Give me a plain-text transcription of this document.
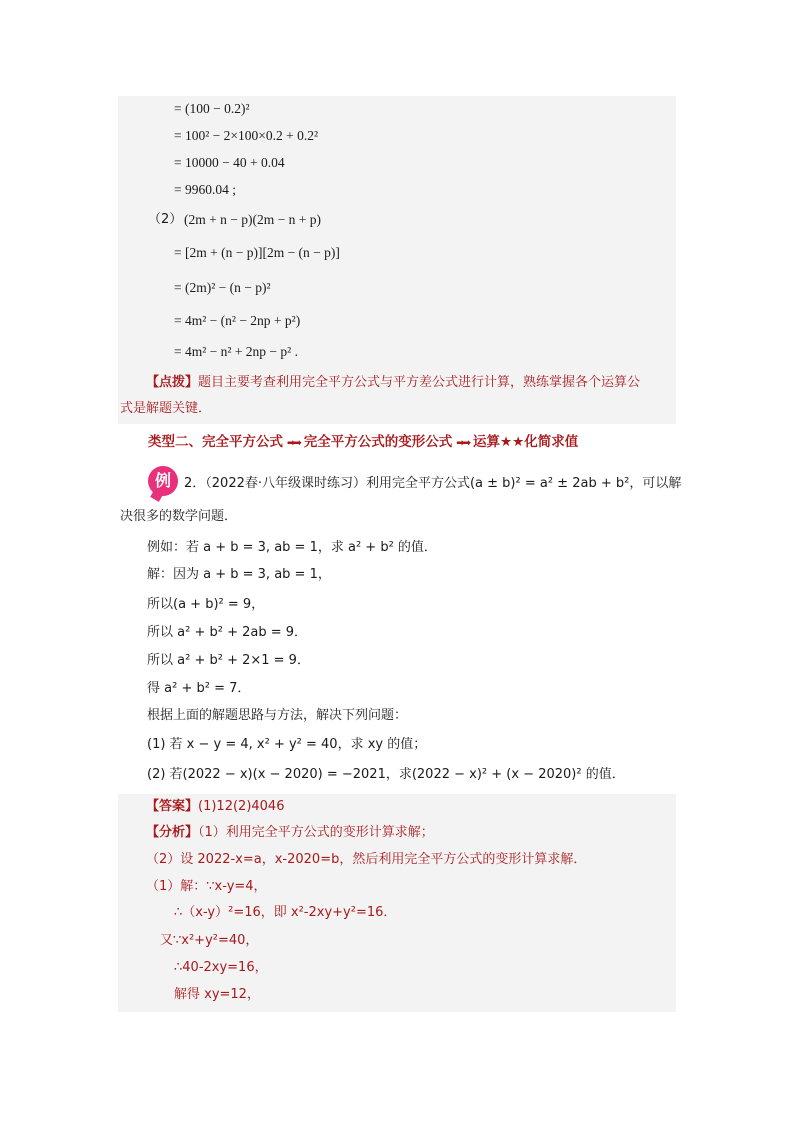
= (100 − 0.2)²
= 100² − 2×100×0.2 + 0.2²
= 10000 − 40 + 0.04
= 9960.04 ;
（2） (2m + n − p)(2m − n + p)
= [2m + (n − p)][2m − (n − p)]
= (2m)² − (n − p)²
= 4m² − (n² − 2np + p²)
= 4m² − n² + 2np − p² .
【点拨】题目主要考查利用完全平方公式与平方差公式进行计算，熟练掌握各个运算公
式是解题关键．
类型二、完全平方公式 ➡➡ 完全平方公式的变形公式 ➡➡ 运算★★化简求值
例	2．（2022春·八年级课时练习）利用完全平方公式(a ± b)² = a² ± 2ab + b²，可以解
决很多的数学问题．
例如：若 a + b = 3, ab = 1，求 a² + b² 的值．
解：因为 a + b = 3, ab = 1，
所以(a + b)² = 9，
所以 a² + b² + 2ab = 9．
所以 a² + b² + 2×1 = 9．
得 a² + b² = 7．
根据上面的解题思路与方法，解决下列问题：
(1) 若 x − y = 4, x² + y² = 40，求 xy 的值；
(2) 若(2022 − x)(x − 2020) = −2021，求(2022 − x)² + (x − 2020)² 的值．
【答案】(1)12(2)4046
【分析】（1）利用完全平方公式的变形计算求解；
（2）设 2022-x=a，x-2020=b，然后利用完全平方公式的变形计算求解．
（1）解：∵x-y=4，
∴（x-y）²=16，即 x²-2xy+y²=16．
又∵x²+y²=40，
∴40-2xy=16，
解得 xy=12，
